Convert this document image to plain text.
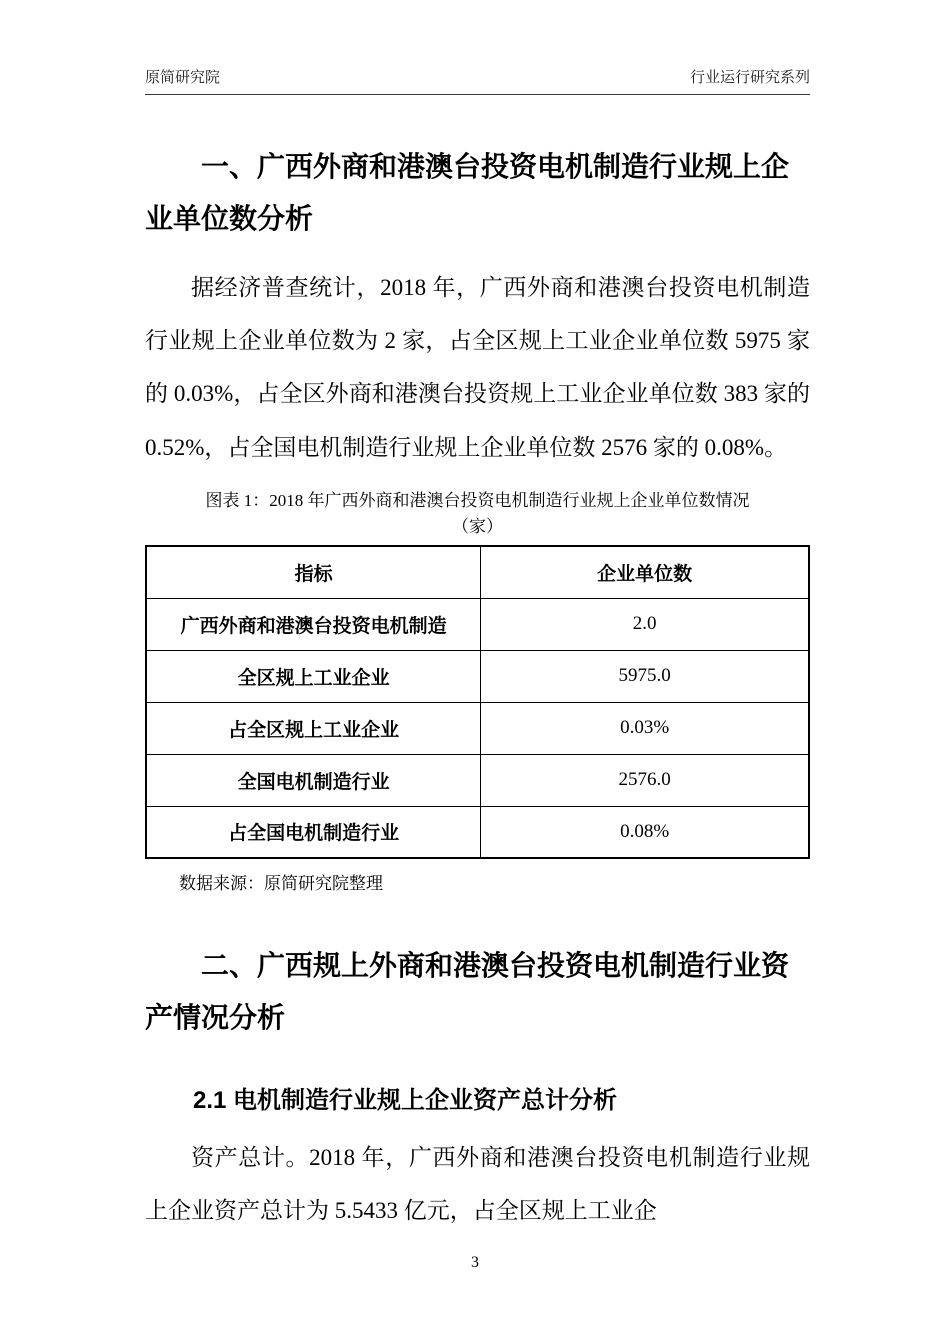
原简研究院	行业运行研究系列
一、广西外商和港澳台投资电机制造行业规上企业单位数分析
据经济普查统计，2018 年，广西外商和港澳台投资电机制造行业规上企业单位数为 2 家，占全区规上工业企业单位数 5975 家的 0.03%，占全区外商和港澳台投资规上工业企业单位数 383 家的 0.52%，占全国电机制造行业规上企业单位数 2576 家的 0.08%。
图表 1：2018 年广西外商和港澳台投资电机制造行业规上企业单位数情况
（家）
指标	企业单位数
广西外商和港澳台投资电机制造	2.0
全区规上工业企业	5975.0
占全区规上工业企业	0.03%
全国电机制造行业	2576.0
占全国电机制造行业	0.08%
数据来源：原简研究院整理
二、广西规上外商和港澳台投资电机制造行业资产情况分析
2.1 电机制造行业规上企业资产总计分析
资产总计。2018 年，广西外商和港澳台投资电机制造行业规上企业资产总计为 5.5433 亿元，占全区规上工业企
3
